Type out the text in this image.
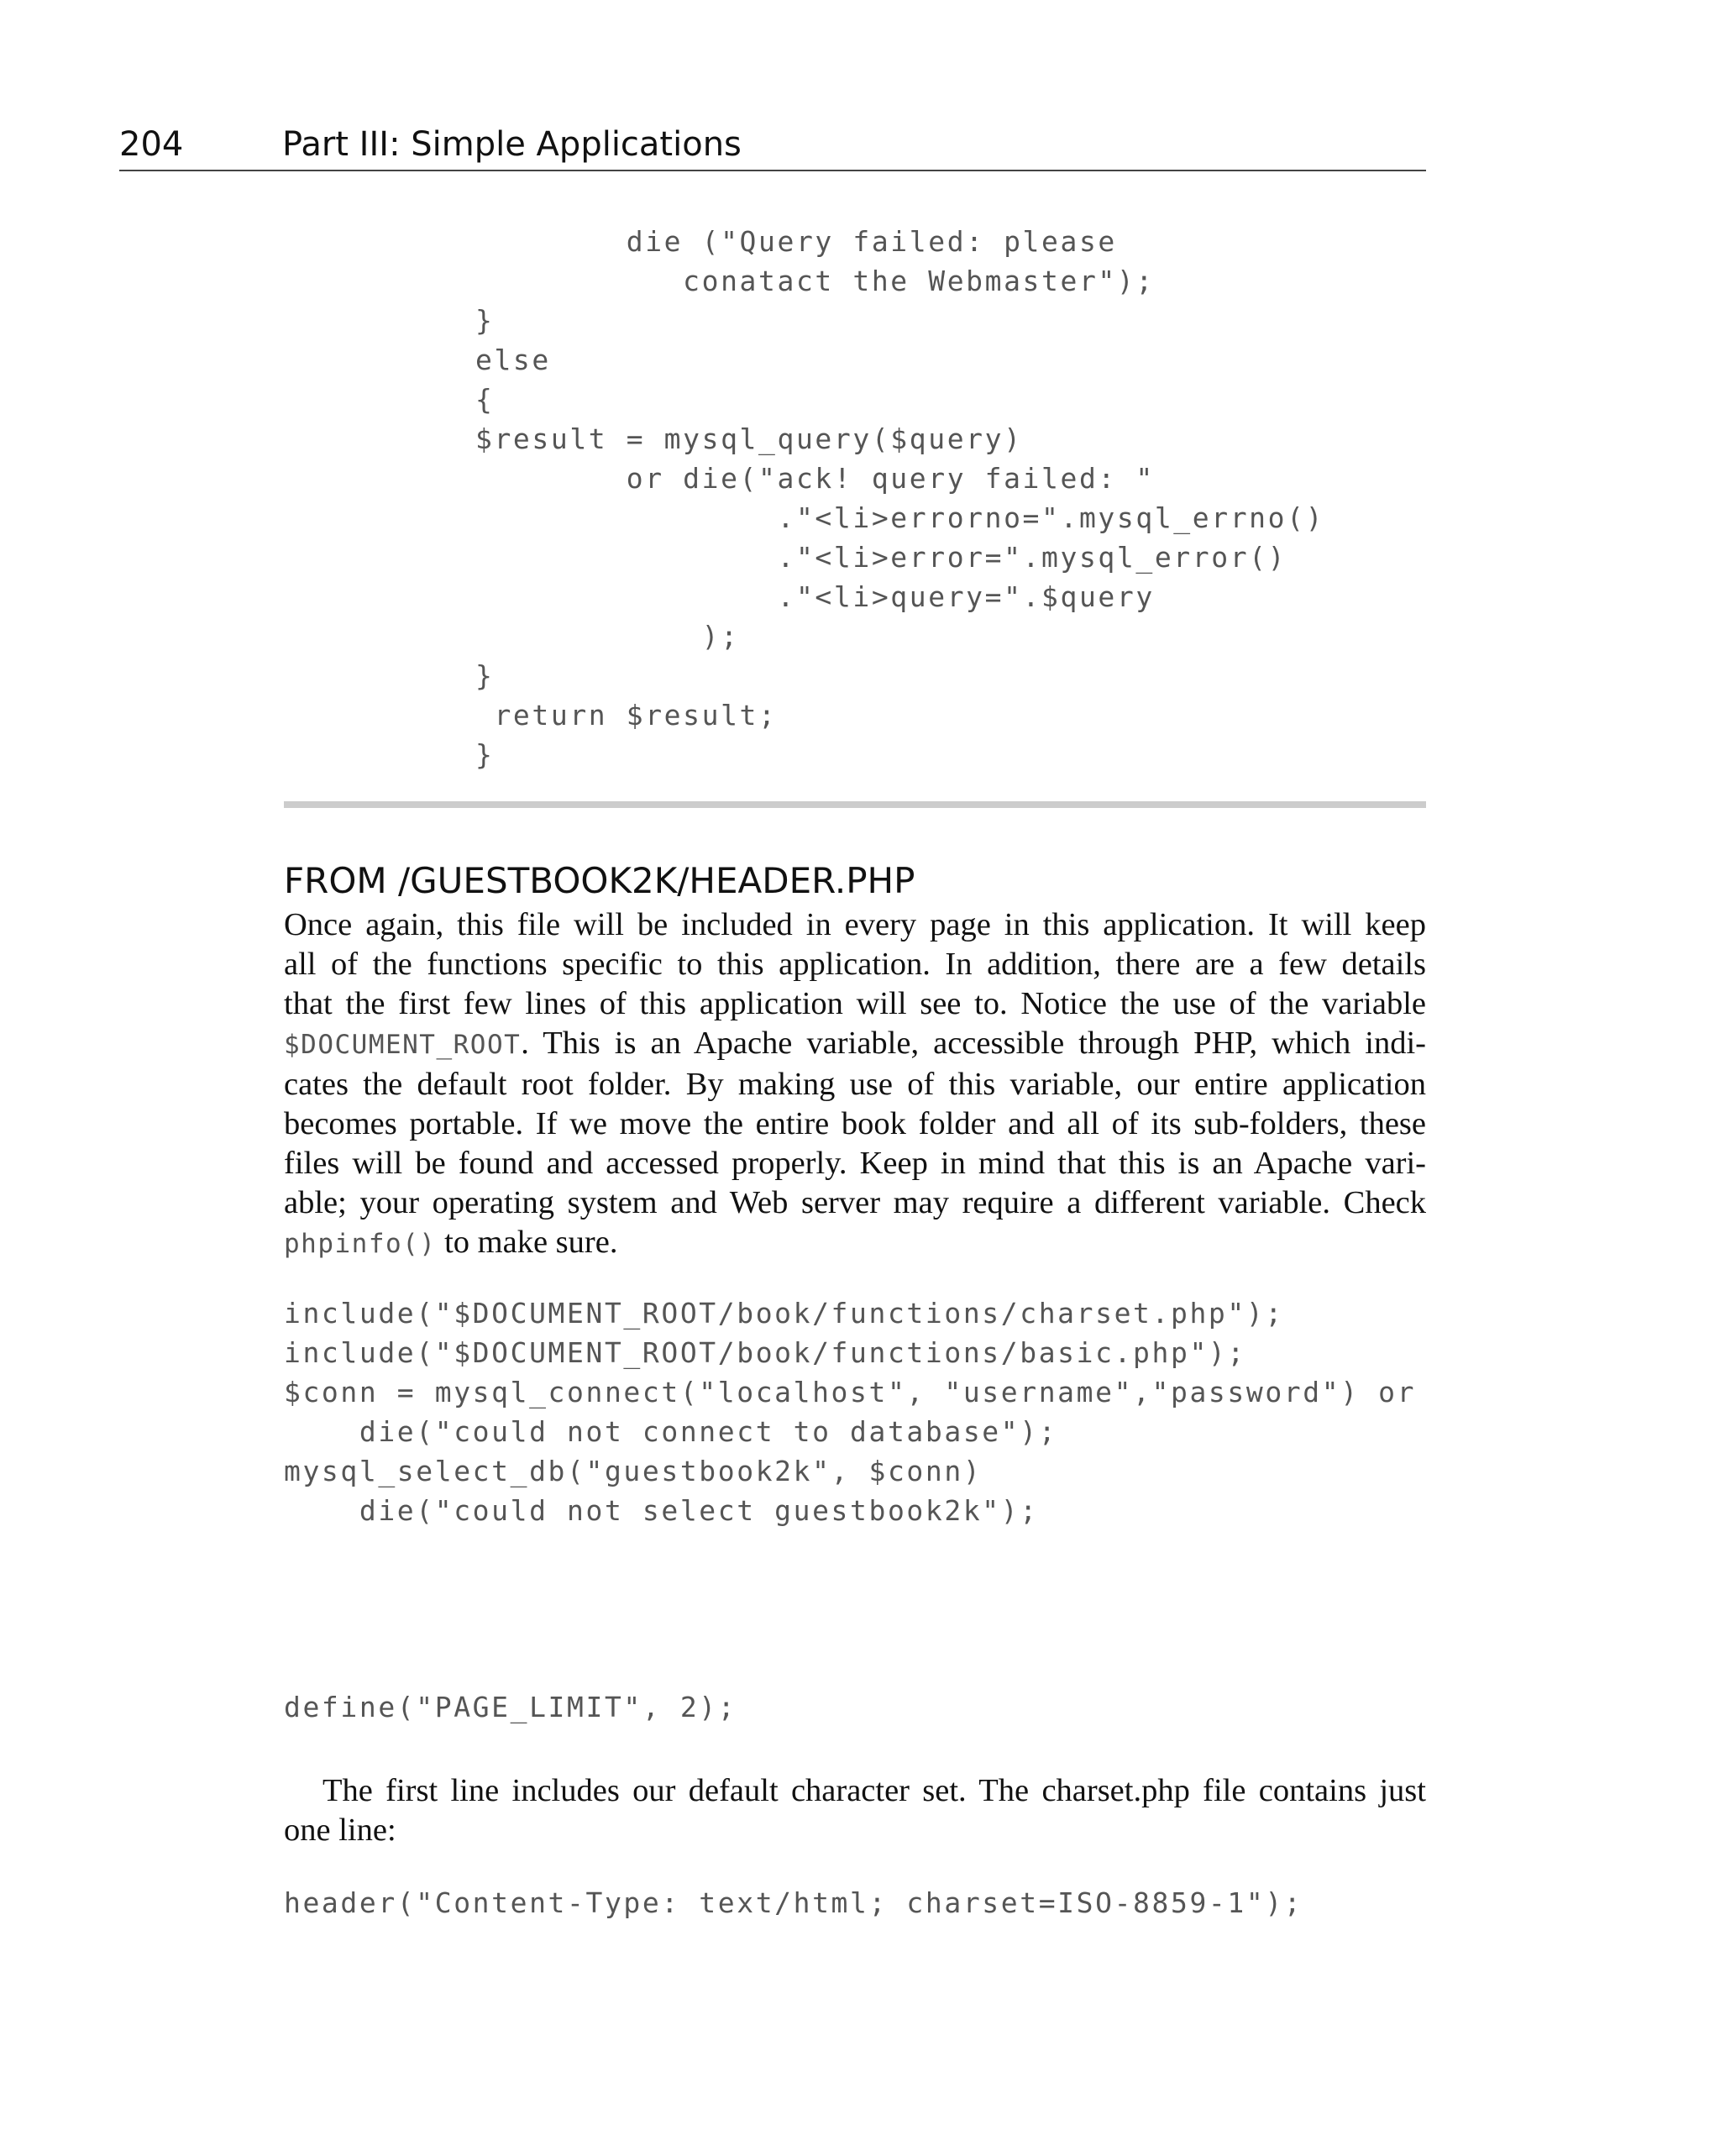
204	Part III: Simple Applications
die ("Query failed: please
conatact the Webmaster");
}
else
{
$result = mysql_query($query)
or die("ack! query failed: "
."<li>errorno=".mysql_errno()
."<li>error=".mysql_error()
."<li>query=".$query
);
}
return $result;
}
FROM /GUESTBOOK2K/HEADER.PHP
Once again, this file will be included in every page in this application. It will keep
all of the functions specific to this application. In addition, there are a few details
that the first few lines of this application will see to. Notice the use of the variable
$DOCUMENT_ROOT. This is an Apache variable, accessible through PHP, which indi-
cates the default root folder. By making use of this variable, our entire application
becomes portable. If we move the entire book folder and all of its sub-folders, these
files will be found and accessed properly. Keep in mind that this is an Apache vari-
able; your operating system and Web server may require a different variable. Check
phpinfo() to make sure.
include("$DOCUMENT_ROOT/book/functions/charset.php");
include("$DOCUMENT_ROOT/book/functions/basic.php");
$conn = mysql_connect("localhost", "username","password") or
die("could not connect to database");
mysql_select_db("guestbook2k", $conn)
die("could not select guestbook2k");
define("PAGE_LIMIT", 2);
The first line includes our default character set. The charset.php file contains just
one line:
header("Content-Type: text/html; charset=ISO-8859-1");
